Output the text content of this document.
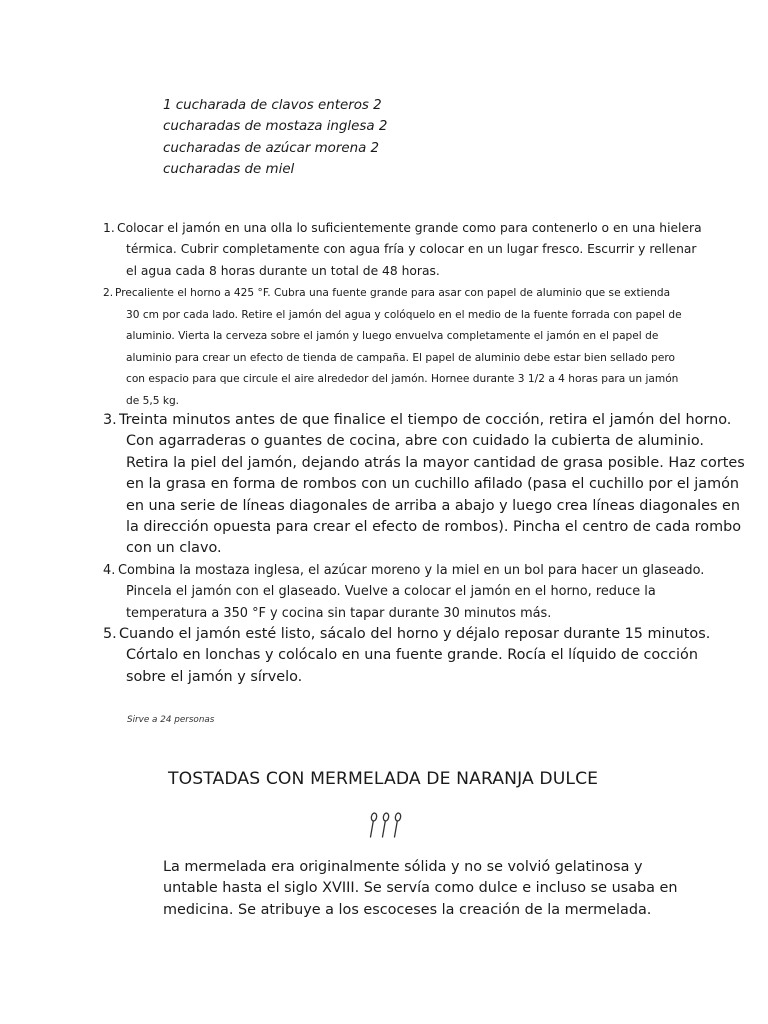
1 cucharada de clavos enteros 2
cucharadas de mostaza inglesa 2
cucharadas de azúcar morena 2
cucharadas de miel
1. Colocar el jamón en una olla lo suficientemente grande como para contenerlo o en una hielera
térmica. Cubrir completamente con agua fría y colocar en un lugar fresco. Escurrir y rellenar
el agua cada 8 horas durante un total de 48 horas.
2. Precaliente el horno a 425 °F. Cubra una fuente grande para asar con papel de aluminio que se extienda
30 cm por cada lado. Retire el jamón del agua y colóquelo en el medio de la fuente forrada con papel de
aluminio. Vierta la cerveza sobre el jamón y luego envuelva completamente el jamón en el papel de
aluminio para crear un efecto de tienda de campaña. El papel de aluminio debe estar bien sellado pero
con espacio para que circule el aire alrededor del jamón. Hornee durante 3 1/2 a 4 horas para un jamón
de 5,5 kg.
3. Treinta minutos antes de que finalice el tiempo de cocción, retira el jamón del horno.
Con agarraderas o guantes de cocina, abre con cuidado la cubierta de aluminio.
Retira la piel del jamón, dejando atrás la mayor cantidad de grasa posible. Haz cortes
en la grasa en forma de rombos con un cuchillo afilado (pasa el cuchillo por el jamón
en una serie de líneas diagonales de arriba a abajo y luego crea líneas diagonales en
la dirección opuesta para crear el efecto de rombos). Pincha el centro de cada rombo
con un clavo.
4. Combina la mostaza inglesa, el azúcar moreno y la miel en un bol para hacer un glaseado.
Pincela el jamón con el glaseado. Vuelve a colocar el jamón en el horno, reduce la
temperatura a 350 °F y cocina sin tapar durante 30 minutos más.
5. Cuando el jamón esté listo, sácalo del horno y déjalo reposar durante 15 minutos.
Córtalo en lonchas y colócalo en una fuente grande. Rocía el líquido de cocción
sobre el jamón y sírvelo.
Sirve a 24 personas
TOSTADAS CON MERMELADA DE NARANJA DULCE
La mermelada era originalmente sólida y no se volvió gelatinosa y
untable hasta el siglo XVIII. Se servía como dulce e incluso se usaba en
medicina. Se atribuye a los escoceses la creación de la mermelada.
